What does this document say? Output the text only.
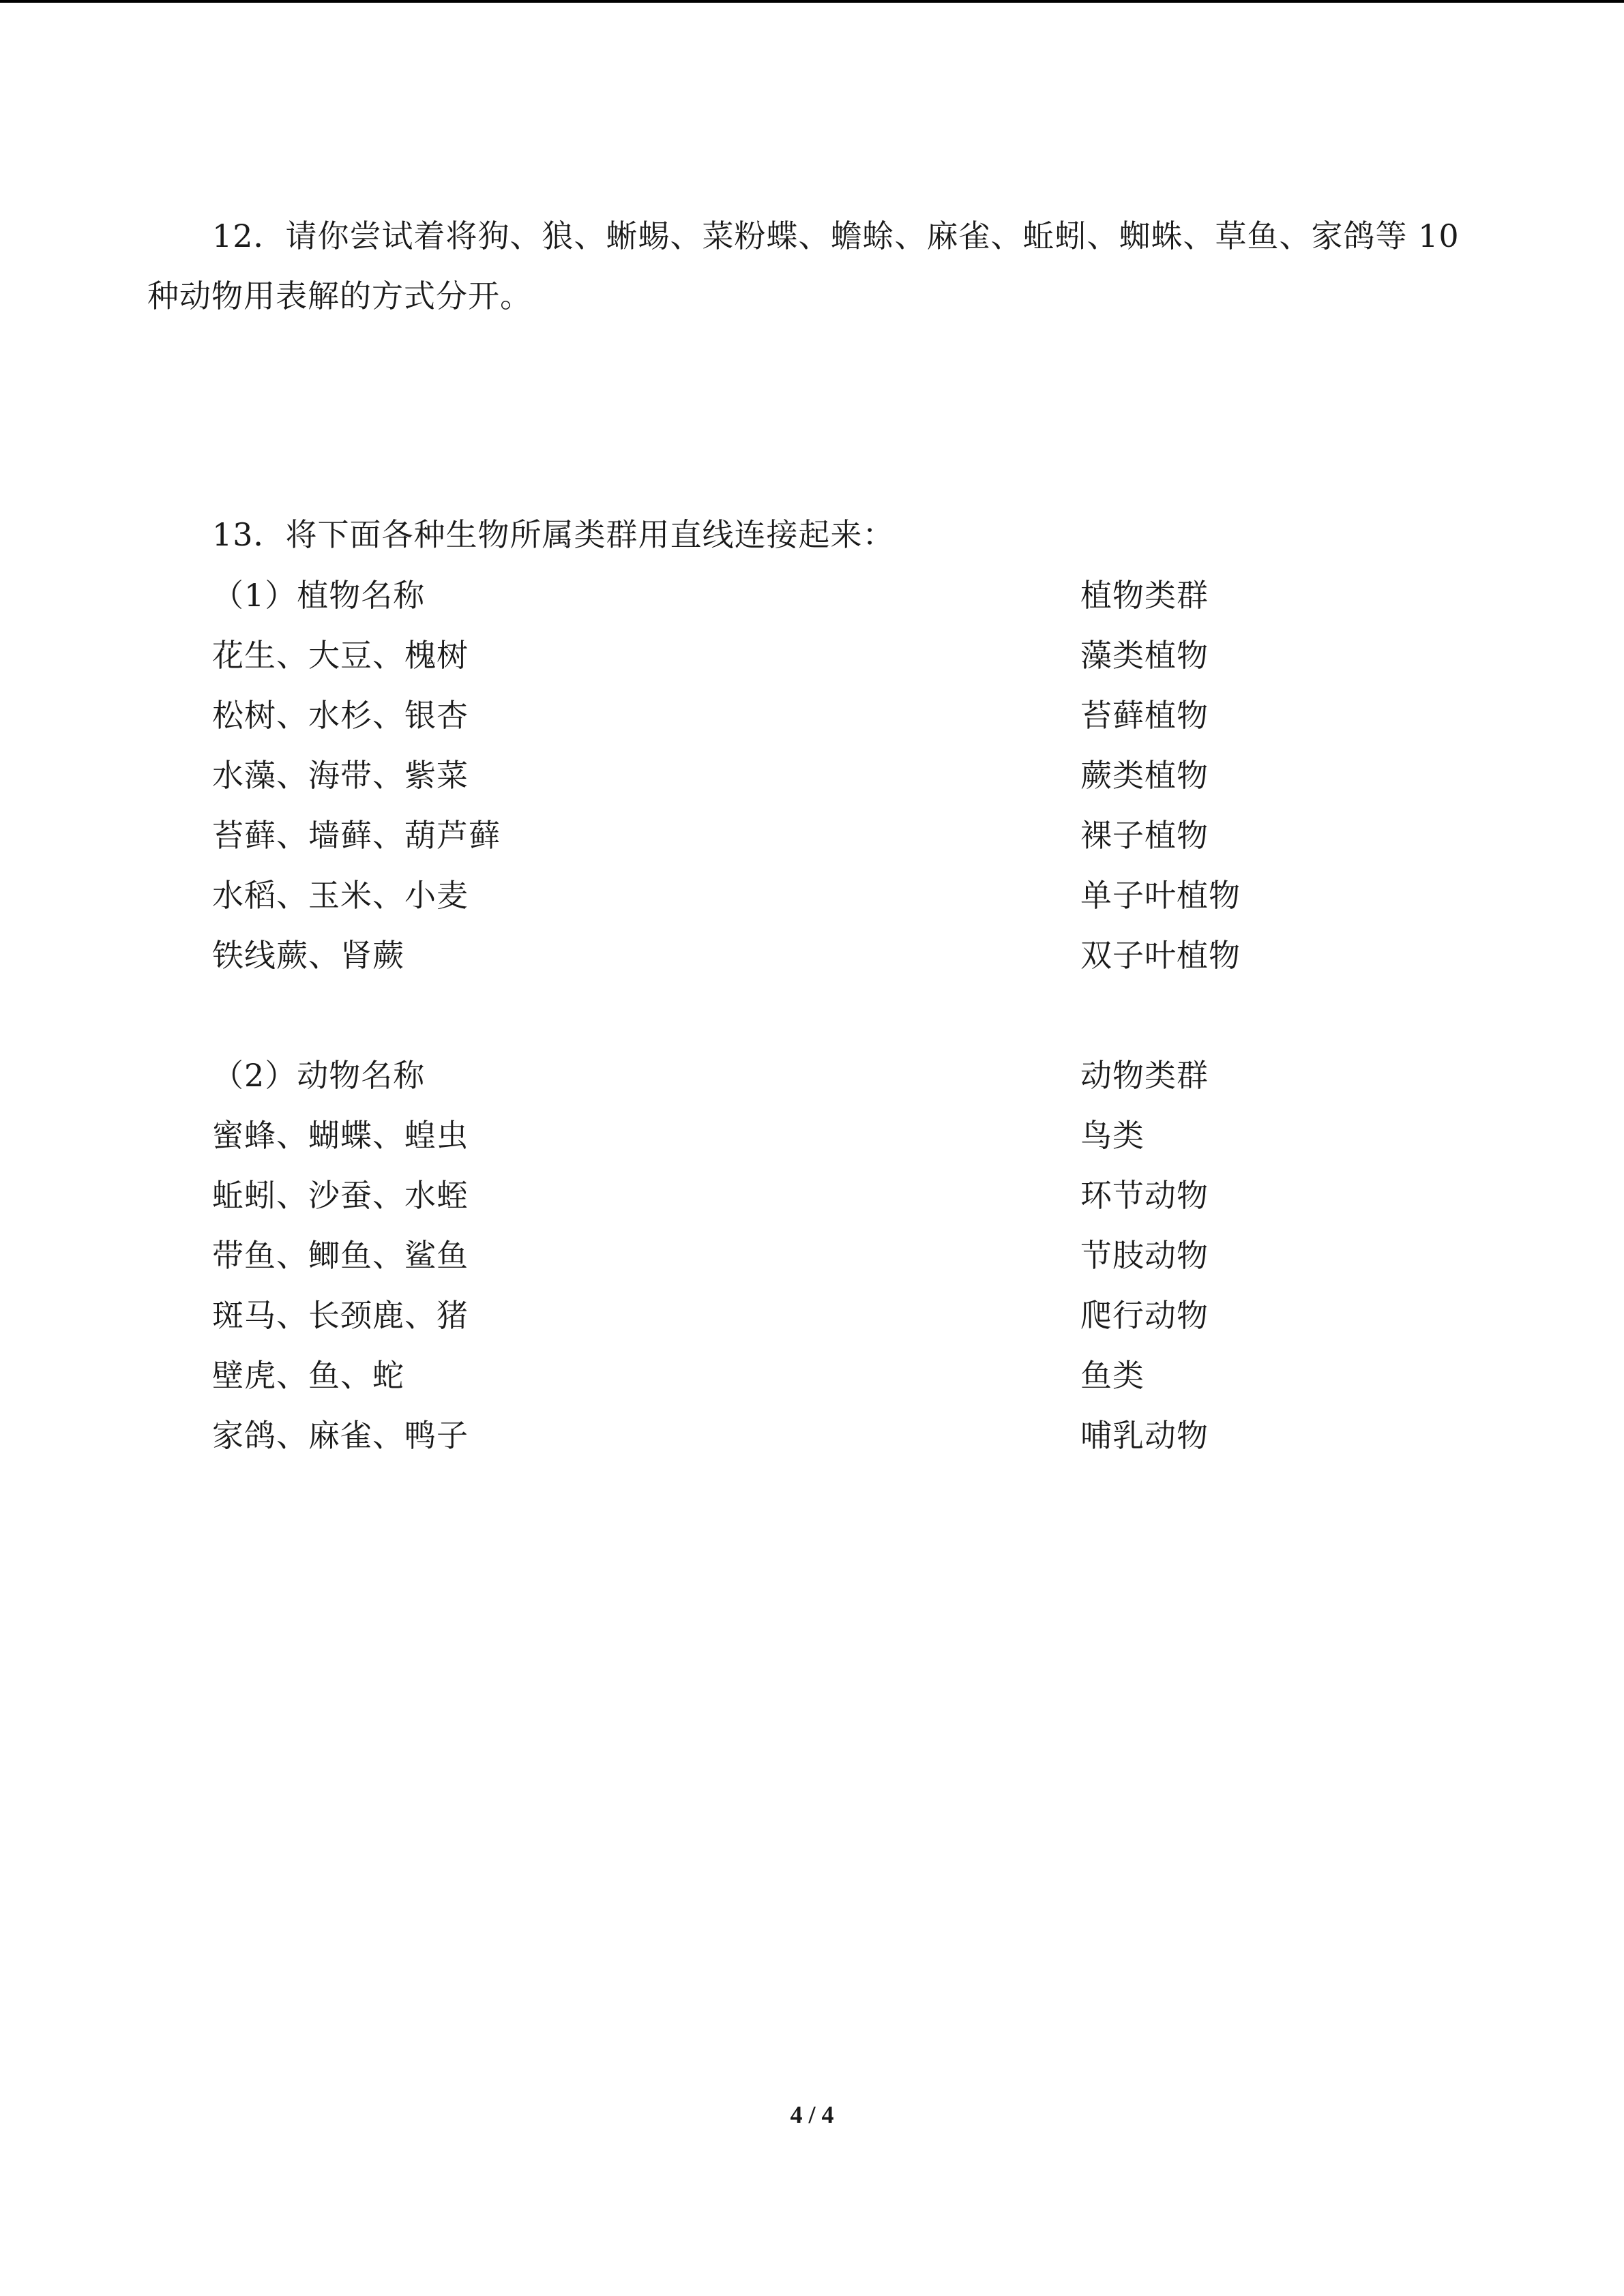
12．请你尝试着将狗、狼、蜥蜴、菜粉蝶、蟾蜍、麻雀、蚯蚓、蜘蛛、草鱼、家鸽等 10
种动物用表解的方式分开。
13．将下面各种生物所属类群用直线连接起来：
（1）植物名称	植物类群
花生、大豆、槐树
松树、水杉、银杏
水藻、海带、紫菜
苔藓、墙藓、葫芦藓
水稻、玉米、小麦
铁线蕨、肾蕨
藻类植物
苔藓植物
蕨类植物
裸子植物
单子叶植物
双子叶植物
（2）动物名称	动物类群
蜜蜂、蝴蝶、蝗虫
蚯蚓、沙蚕、水蛭
带鱼、鲫鱼、鲨鱼
斑马、长颈鹿、猪
壁虎、鱼、蛇
家鸽、麻雀、鸭子
鸟类
环节动物
节肢动物
爬行动物
鱼类
哺乳动物
4 / 4
